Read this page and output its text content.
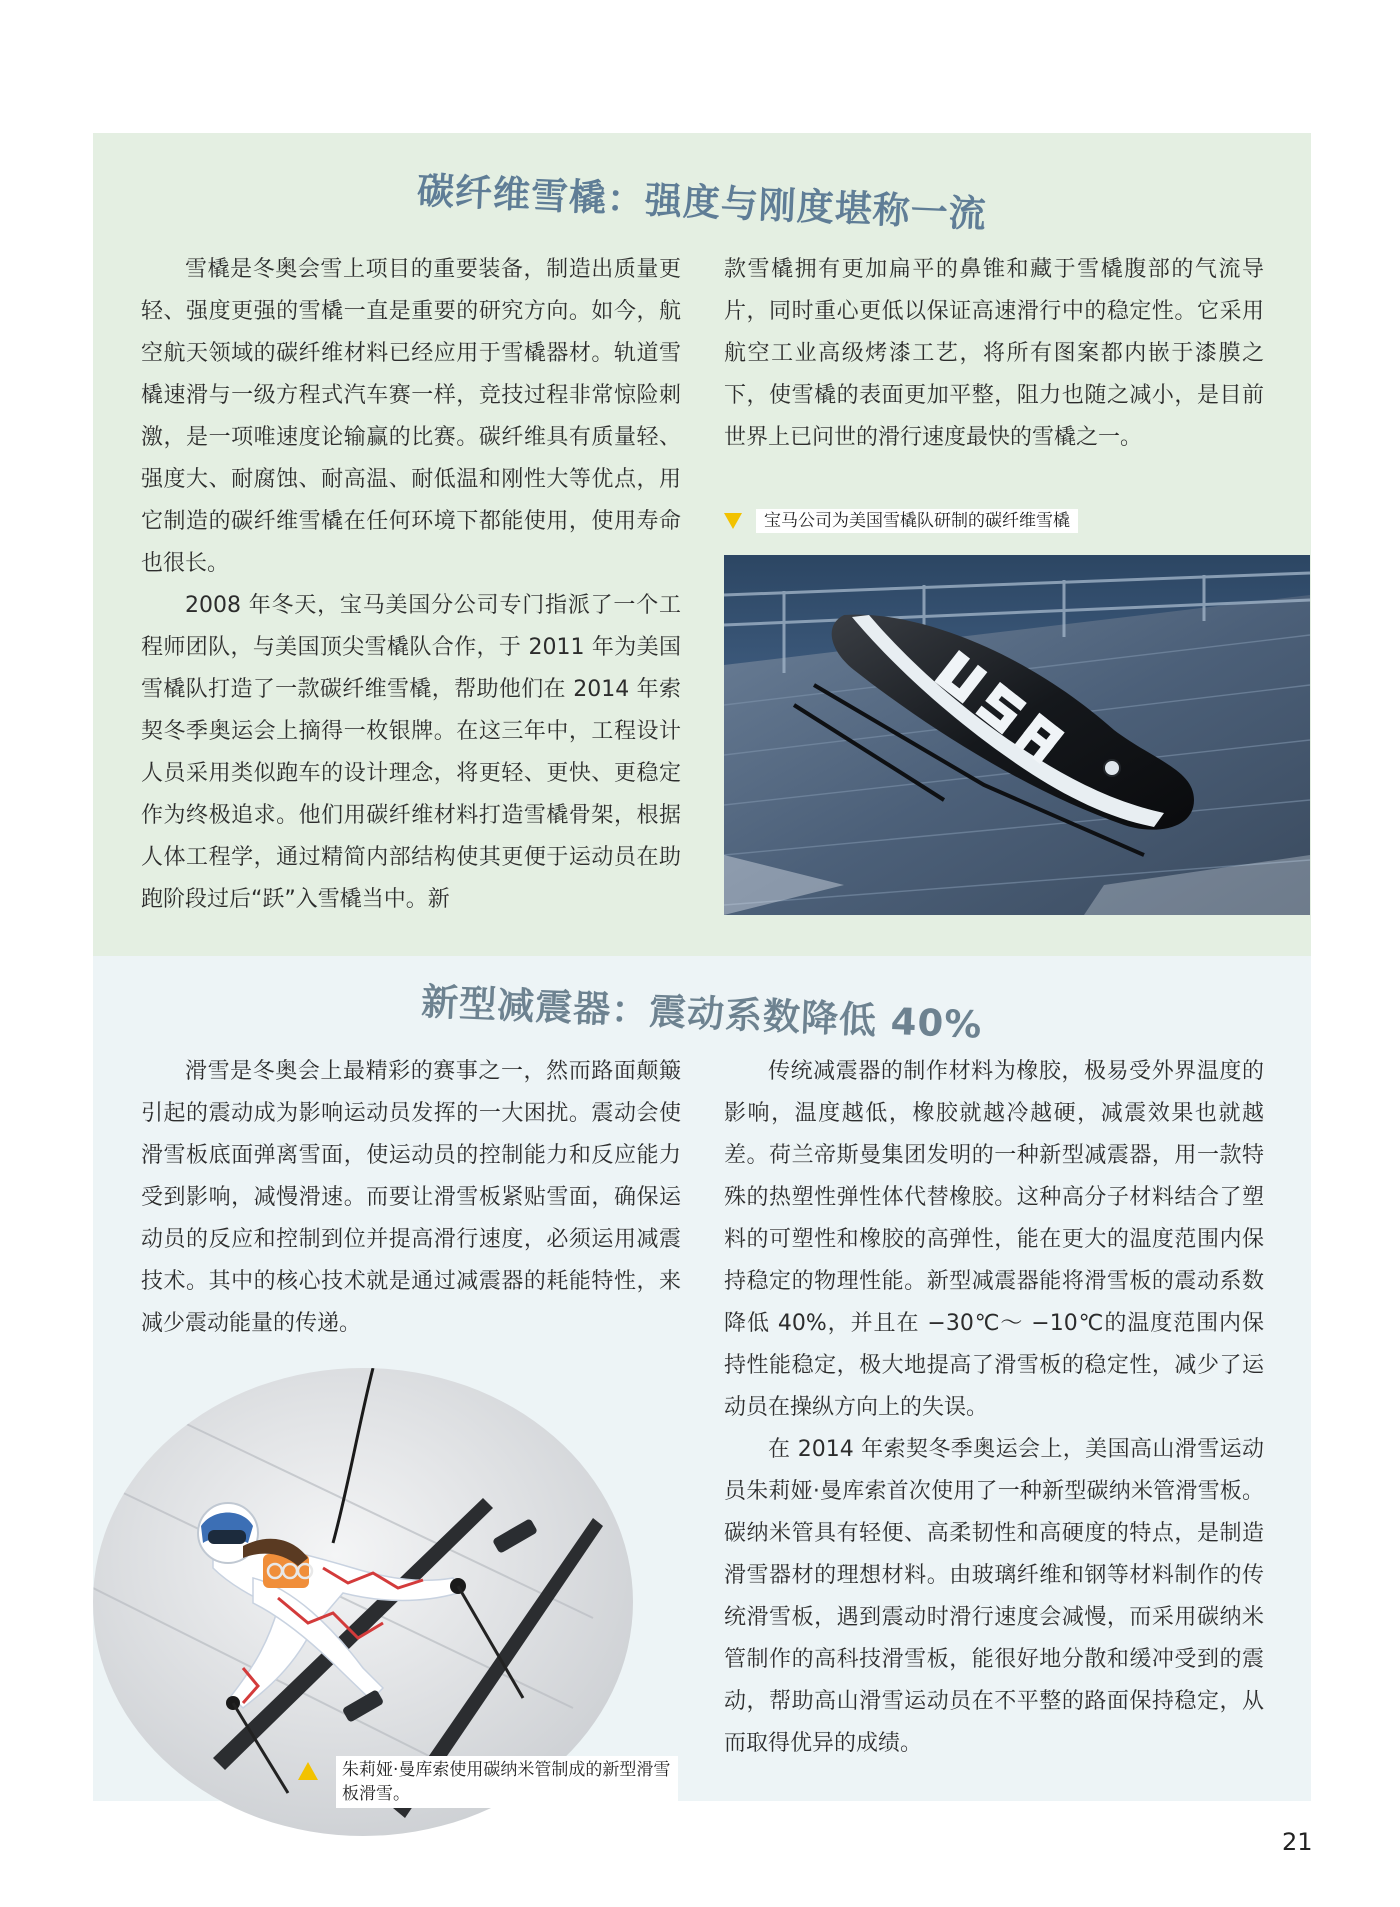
碳纤维雪橇：强度与刚度堪称一流

雪橇是冬奥会雪上项目的重要装备，制造出质量更轻、强度更强的雪橇一直是重要的研究方向。如今，航空航天领域的碳纤维材料已经应用于雪橇器材。轨道雪橇速滑与一级方程式汽车赛一样，竞技过程非常惊险刺激，是一项唯速度论输赢的比赛。碳纤维具有质量轻、强度大、耐腐蚀、耐高温、耐低温和刚性大等优点，用它制造的碳纤维雪橇在任何环境下都能使用，使用寿命也很长。

2008 年冬天，宝马美国分公司专门指派了一个工程师团队，与美国顶尖雪橇队合作，于 2011 年为美国雪橇队打造了一款碳纤维雪橇，帮助他们在 2014 年索契冬季奥运会上摘得一枚银牌。在这三年中，工程设计人员采用类似跑车的设计理念，将更轻、更快、更稳定作为终极追求。他们用碳纤维材料打造雪橇骨架，根据人体工程学，通过精简内部结构使其更便于运动员在助跑阶段过后“跃”入雪橇当中。新

款雪橇拥有更加扁平的鼻锥和藏于雪橇腹部的气流导片，同时重心更低以保证高速滑行中的稳定性。它采用航空工业高级烤漆工艺，将所有图案都内嵌于漆膜之下，使雪橇的表面更加平整，阻力也随之减小，是目前世界上已问世的滑行速度最快的雪橇之一。

宝马公司为美国雪橇队研制的碳纤维雪橇
新型减震器：震动系数降低 40%

滑雪是冬奥会上最精彩的赛事之一，然而路面颠簸引起的震动成为影响运动员发挥的一大困扰。震动会使滑雪板底面弹离雪面，使运动员的控制能力和反应能力受到影响，减慢滑速。而要让滑雪板紧贴雪面，确保运动员的反应和控制到位并提高滑行速度，必须运用减震技术。其中的核心技术就是通过减震器的耗能特性，来减少震动能量的传递。

传统减震器的制作材料为橡胶，极易受外界温度的影响，温度越低，橡胶就越冷越硬，减震效果也就越差。荷兰帝斯曼集团发明的一种新型减震器，用一款特殊的热塑性弹性体代替橡胶。这种高分子材料结合了塑料的可塑性和橡胶的高弹性，能在更大的温度范围内保持稳定的物理性能。新型减震器能将滑雪板的震动系数降低 40%，并且在 −30℃～ −10℃的温度范围内保持性能稳定，极大地提高了滑雪板的稳定性，减少了运动员在操纵方向上的失误。

在 2014 年索契冬季奥运会上，美国高山滑雪运动员朱莉娅·曼库索首次使用了一种新型碳纳米管滑雪板。碳纳米管具有轻便、高柔韧性和高硬度的特点，是制造滑雪器材的理想材料。由玻璃纤维和钢等材料制作的传统滑雪板，遇到震动时滑行速度会减慢，而采用碳纳米管制作的高科技滑雪板，能很好地分散和缓冲受到的震动，帮助高山滑雪运动员在不平整的路面保持稳定，从而取得优异的成绩。

朱莉娅·曼库索使用碳纳米管制成的新型滑雪板滑雪。
21
